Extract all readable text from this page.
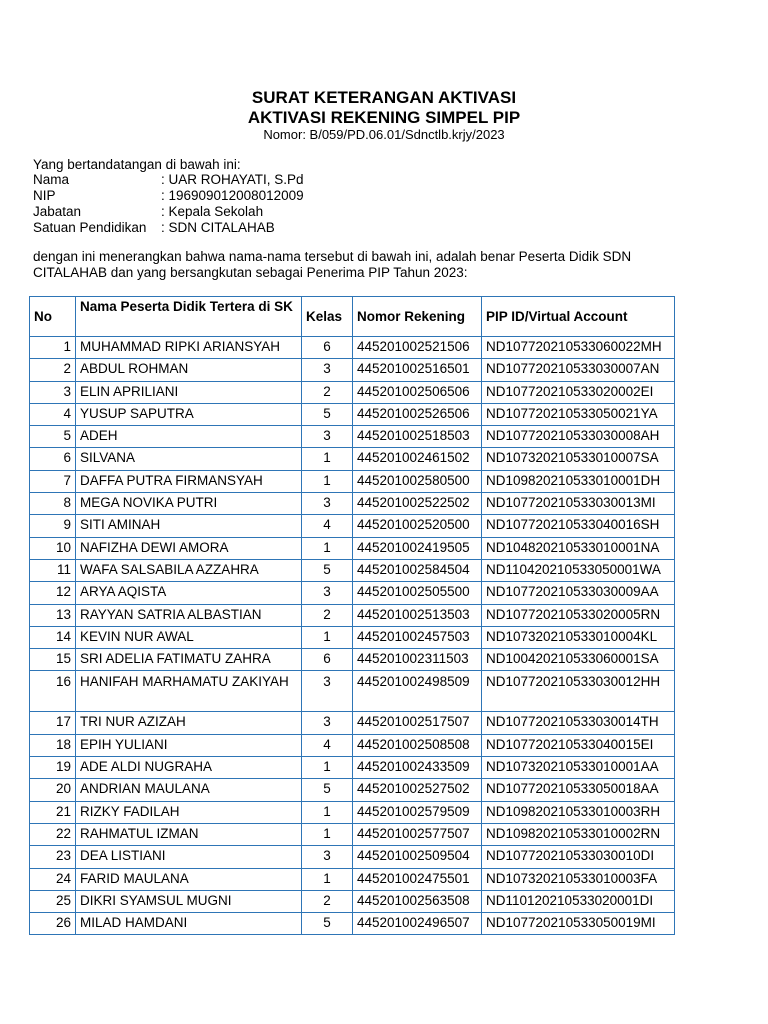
SURAT KETERANGAN AKTIVASI
AKTIVASI REKENING SIMPEL PIP
Nomor: B/059/PD.06.01/Sdnctlb.krjy/2023
Yang bertandatangan di bawah ini:
Nama	: UAR ROHAYATI, S.Pd
NIP	: 196909012008012009
Jabatan	: Kepala Sekolah
Satuan Pendidikan : SDN CITALAHAB
dengan ini menerangkan bahwa nama-nama tersebut di bawah ini, adalah benar Peserta Didik SDN CITALAHAB dan yang bersangkutan sebagai Penerima PIP Tahun 2023:
No	Nama Peserta Didik Tertera di SK	Kelas	Nomor Rekening	PIP ID/Virtual Account
1	MUHAMMAD RIPKI ARIANSYAH	6	445201002521506	ND107720210533060022MH
2	ABDUL ROHMAN	3	445201002516501	ND107720210533030007AN
3	ELIN APRILIANI	2	445201002506506	ND107720210533020002EI
4	YUSUP SAPUTRA	5	445201002526506	ND107720210533050021YA
5	ADEH	3	445201002518503	ND107720210533030008AH
6	SILVANA	1	445201002461502	ND107320210533010007SA
7	DAFFA PUTRA FIRMANSYAH	1	445201002580500	ND109820210533010001DH
8	MEGA NOVIKA PUTRI	3	445201002522502	ND107720210533030013MI
9	SITI AMINAH	4	445201002520500	ND107720210533040016SH
10	NAFIZHA DEWI AMORA	1	445201002419505	ND104820210533010001NA
11	WAFA SALSABILA AZZAHRA	5	445201002584504	ND110420210533050001WA
12	ARYA AQISTA	3	445201002505500	ND107720210533030009AA
13	RAYYAN SATRIA ALBASTIAN	2	445201002513503	ND107720210533020005RN
14	KEVIN NUR AWAL	1	445201002457503	ND107320210533010004KL
15	SRI ADELIA FATIMATU ZAHRA	6	445201002311503	ND100420210533060001SA
16	HANIFAH MARHAMATU ZAKIYAH	3	445201002498509	ND107720210533030012HH
17	TRI NUR AZIZAH	3	445201002517507	ND107720210533030014TH
18	EPIH YULIANI	4	445201002508508	ND107720210533040015EI
19	ADE ALDI NUGRAHA	1	445201002433509	ND107320210533010001AA
20	ANDRIAN MAULANA	5	445201002527502	ND107720210533050018AA
21	RIZKY FADILAH	1	445201002579509	ND109820210533010003RH
22	RAHMATUL IZMAN	1	445201002577507	ND109820210533010002RN
23	DEA LISTIANI	3	445201002509504	ND107720210533030010DI
24	FARID MAULANA	1	445201002475501	ND107320210533010003FA
25	DIKRI SYAMSUL MUGNI	2	445201002563508	ND110120210533020001DI
26	MILAD HAMDANI	5	445201002496507	ND107720210533050019MI
